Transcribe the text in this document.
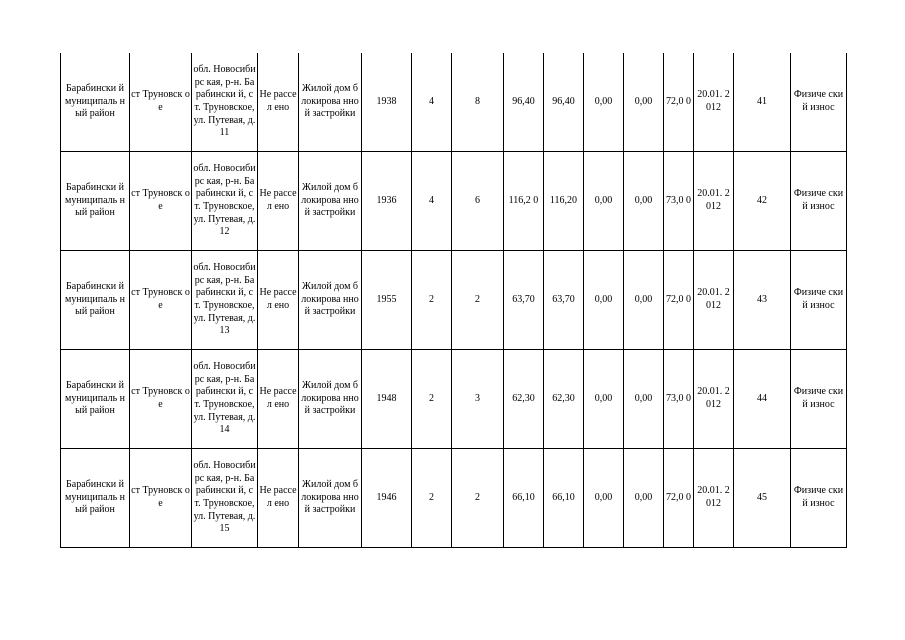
Барабински й муниципаль ный район	ст Труновск ое	обл. Новосибирс кая, р-н. Барабински й, ст. Труновское, ул. Путевая, д. 11	Не рассел ено	Жилой дом блокирова нной застройки	1938	4	8	96,40	96,40	0,00	0,00	72,0 0	20.01. 2012	41	Физиче ский износ
Барабински й муниципаль ный район	ст Труновск ое	обл. Новосибирс кая, р-н. Барабински й, ст. Труновское, ул. Путевая, д. 12	Не рассел ено	Жилой дом блокирова нной застройки	1936	4	6	116,2 0	116,20	0,00	0,00	73,0 0	20.01. 2012	42	Физиче ский износ
Барабински й муниципаль ный район	ст Труновск ое	обл. Новосибирс кая, р-н. Барабински й, ст. Труновское, ул. Путевая, д. 13	Не рассел ено	Жилой дом блокирова нной застройки	1955	2	2	63,70	63,70	0,00	0,00	72,0 0	20.01. 2012	43	Физиче ский износ
Барабински й муниципаль ный район	ст Труновск ое	обл. Новосибирс кая, р-н. Барабински й, ст. Труновское, ул. Путевая, д. 14	Не рассел ено	Жилой дом блокирова нной застройки	1948	2	3	62,30	62,30	0,00	0,00	73,0 0	20.01. 2012	44	Физиче ский износ
Барабински й муниципаль ный район	ст Труновск ое	обл. Новосибирс кая, р-н. Барабински й, ст. Труновское, ул. Путевая, д. 15	Не рассел ено	Жилой дом блокирова нной застройки	1946	2	2	66,10	66,10	0,00	0,00	72,0 0	20.01. 2012	45	Физиче ский износ
